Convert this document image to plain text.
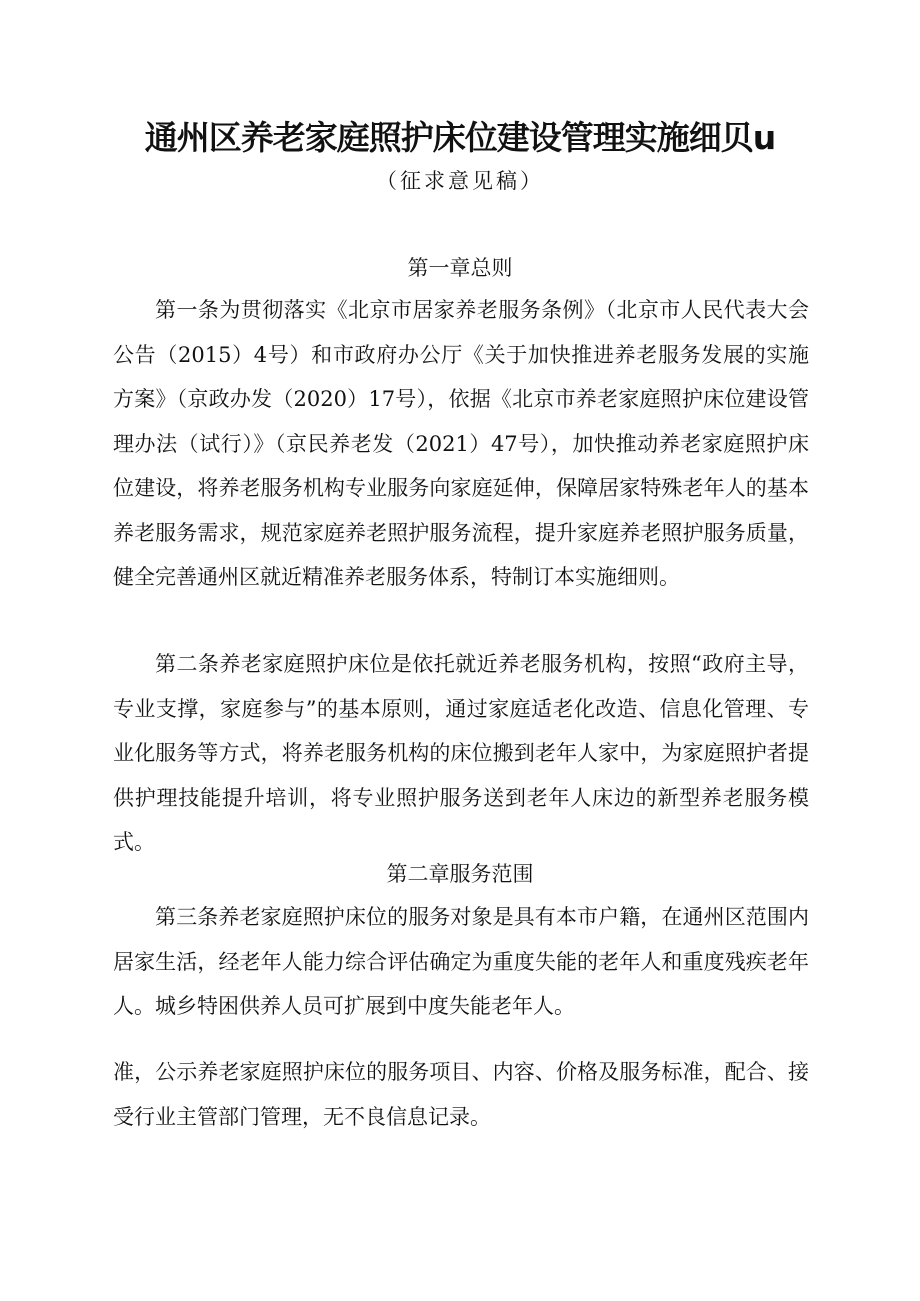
通州区养老家庭照护床位建设管理实施细贝u
（征求意见稿）
第一章总则
第一条为贯彻落实《北京市居家养老服务条例》（北京市人民代表大会公告（2015）4号）和市政府办公厅《关于加快推进养老服务发展的实施方案》（京政办发（2020）17号），依据《北京市养老家庭照护床位建设管理办法（试行）》（京民养老发（2021）47号），加快推动养老家庭照护床位建设，将养老服务机构专业服务向家庭延伸，保障居家特殊老年人的基本养老服务需求，规范家庭养老照护服务流程，提升家庭养老照护服务质量，健全完善通州区就近精准养老服务体系，特制订本实施细则。
第二条养老家庭照护床位是依托就近养老服务机构，按照“政府主导，专业支撑，家庭参与”的基本原则，通过家庭适老化改造、信息化管理、专业化服务等方式，将养老服务机构的床位搬到老年人家中，为家庭照护者提供护理技能提升培训，将专业照护服务送到老年人床边的新型养老服务模式。
第二章服务范围
第三条养老家庭照护床位的服务对象是具有本市户籍，在通州区范围内居家生活，经老年人能力综合评估确定为重度失能的老年人和重度残疾老年人。城乡特困供养人员可扩展到中度失能老年人。
准，公示养老家庭照护床位的服务项目、内容、价格及服务标准，配合、接受行业主管部门管理，无不良信息记录。
